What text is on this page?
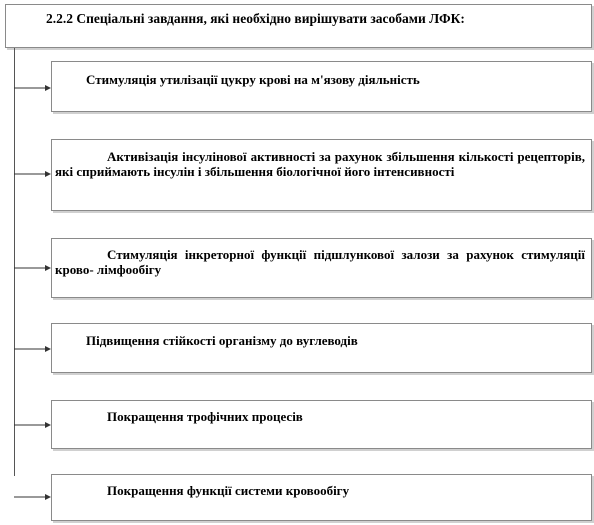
2.2.2 Спеціальні завдання, які необхідно вирішувати засобами ЛФК:
Стимуляція утилізації цукру крові на м'язову діяльність
Активізація інсулінової активності за рахунок збільшення кількості рецепторів, які сприймають інсулін і збільшення біологічної його інтенсивності
Стимуляція інкреторної функції підшлункової залози за рахунок стимуляції крово- лімфообігу
Підвищення стійкості організму до вуглеводів
Покращення трофічних процесів
Покращення функції системи кровообігу
